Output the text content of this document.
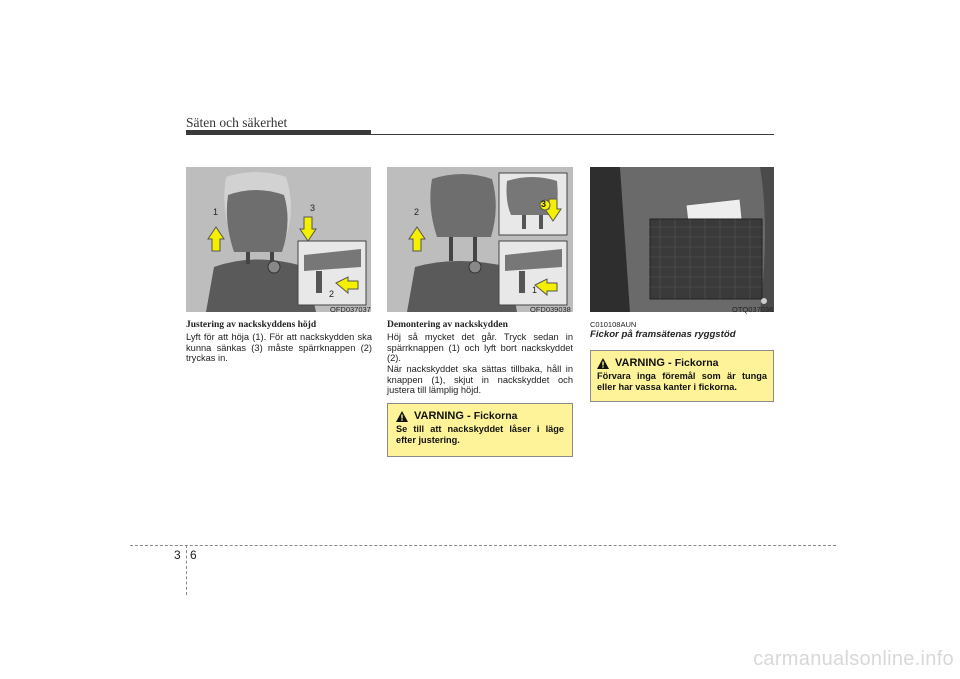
Säten och säkerhet
1	3
2
OFD037037
2
3
1
OFD039038	OTQ037036
Justering av nackskyddens höjd
Lyft för att höja (1). För att nackskydden ska kunna sänkas (3) måste spärrknappen (2) tryckas in.
Demontering av nackskydden
Höj så mycket det går. Tryck sedan in spärrknappen (1) och lyft bort nackskyddet (2).
När nackskyddet ska sättas tillbaka, håll in knappen (1), skjut in nackskyddet och justera till lämplig höjd.
VARNING - Fickorna
Se till att nackskyddet låser i läge efter justering.
C010108AUN
Fickor på framsätenas ryggstöd
VARNING - Fickorna
Förvara inga föremål som är tunga eller har vassa kanter i fickorna.
3 6
carmanualsonline.info
